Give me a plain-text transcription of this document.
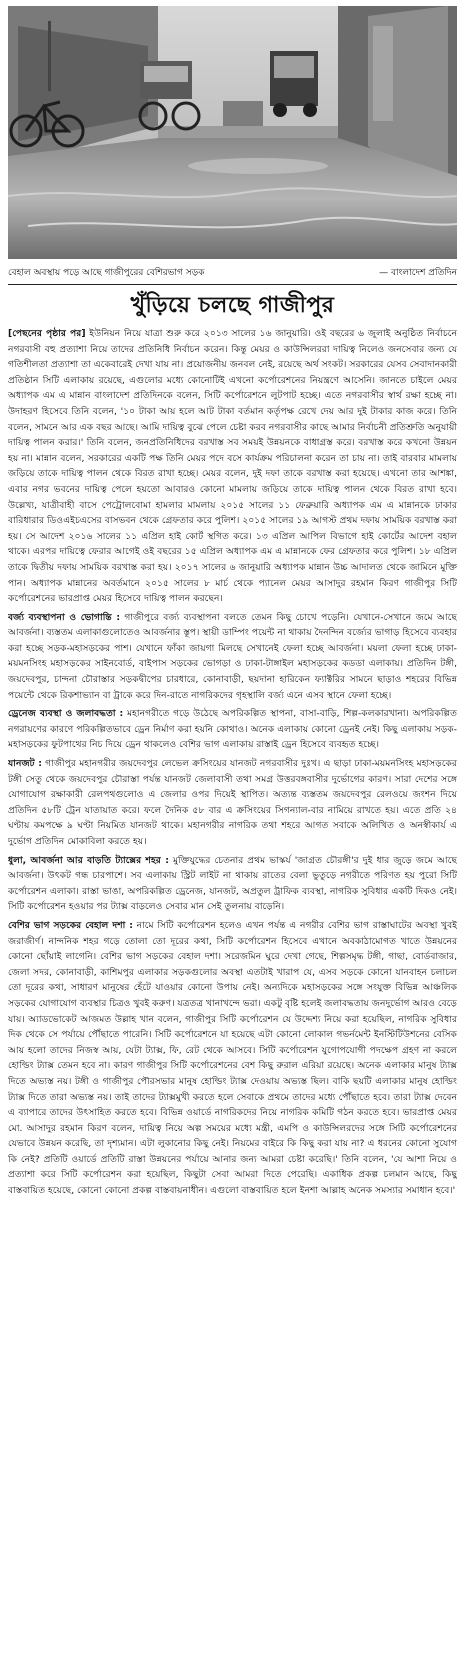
বেহাল অবস্থায় পড়ে আছে গাজীপুরের বেশিরভাগ সড়ক	— বাংলাদেশ প্রতিদিন
খুঁড়িয়ে চলছে গাজীপুর

[পেছনের পৃষ্ঠার পর] ইউনিয়ন নিয়ে যাত্রা শুরু করে ২০১৩ সালের ১৬ জানুয়ারি। ওই বছরের ৬ জুলাই অনুষ্ঠিত নির্বাচনে নগরবাসী বহু প্রত্যাশা নিয়ে তাদের প্রতিনিধি নির্বাচন করেন। কিন্তু মেয়র ও কাউন্সিলররা দায়িত্ব নিলেও জনসেবার জন্য যে গতিশীলতা প্রত্যাশা তা একেবারেই দেখা যায় না। প্রয়োজনীয় জনবল নেই, রয়েছে অর্থ সংকট। সরকারের যেসব সেবাদানকারী প্রতিষ্ঠান সিটি এলাকায় রয়েছে, এগুলোর মধ্যে কোনোটিই এখনো কর্পোরেশনের নিয়ন্ত্রণে আসেনি। জানতে চাইলে মেয়র অধ্যাপক এম এ মান্নান বাংলাদেশ প্রতিদিনকে বলেন, সিটি কর্পোরেশনে লুটপাট হচ্ছে। এতে নগরবাসীর স্বার্থ রক্ষা হচ্ছে না। উদাহরণ হিসেবে তিনি বলেন, '১০ টাকা আয় হলে আট টাকা বর্তমান কর্তৃপক্ষ রেখে দেয় আর দুই টাকার কাজ করে। তিনি বলেন, সামনে আর এক বছর আছে। আমি দায়িত্ব বুঝে পেলে চেষ্টা করব নগরবাসীর কাছে আমার নির্বাচনী প্রতিশ্রুতি অনুযায়ী দায়িত্ব পালন করার।' তিনি বলেন, জনপ্রতিনিধিদের বরখাস্ত সব সময়ই উন্নয়নকে বাধাগ্রস্ত করে। বরখাস্ত করে কখনো উন্নয়ন হয় না। মান্নান বলেন, সরকারের একটি পক্ষ তিনি মেয়র পদে বসে কার্যক্রম পরিচালনা করেন তা চায় না। তাই বারবার মামলায় জড়িয়ে তাকে দায়িত্ব পালন থেকে বিরত রাখা হচ্ছে। মেয়র বলেন, দুই দফা তাকে বরখাস্ত করা হয়েছে। এখনো তার আশঙ্কা, এবার নগর ভবনের দায়িত্ব পেলে হয়তো আবারও কোনো মামলায় জড়িয়ে তাকে দায়িত্ব পালন থেকে বিরত রাখা হবে। উল্লেখ্য, যাত্রীবাহী বাসে পেট্রোলবোমা হামলার মামলায় ২০১৫ সালের ১১ ফেব্রুয়ারি অধ্যাপক এম এ মান্নানকে ঢাকার বারিধারার ডিওএইচএসের বাসভবন থেকে গ্রেফতার করে পুলিশ। ২০১৫ সালের ১৯ আগস্ট প্রথম দফায় সাময়িক বরখাস্ত করা হয়। সে আদেশ ২০১৬ সালের ১১ এপ্রিল হাই কোর্ট স্থগিত করে। ১৩ এপ্রিল আপিল বিভাগে হাই কোর্টের আদেশ বহাল থাকে। এরপর দায়িত্বে ফেরার আগেই ওই বছরের ১৫ এপ্রিল অধ্যাপক এম এ মান্নানকে ফের গ্রেফতার করে পুলিশ। ১৮ এপ্রিল তাকে দ্বিতীয় দফায় সাময়িক বরখাস্ত করা হয়। ২০১৭ সালের ৬ জানুয়ারি অধ্যাপক মান্নান উচ্চ আদালত থেকে জামিনে মুক্তি পান। অধ্যাপক মান্নানের অবর্তমানে ২০১৫ সালের ৮ মার্চ থেকে প্যানেল মেয়র আসাদুর রহমান কিরণ গাজীপুর সিটি কর্পোরেশনের ভারপ্রাপ্ত মেয়র হিসেবে দায়িত্ব পালন করছেন।

বর্জ্য ব্যবস্থাপনা ও ভোগান্তি : গাজীপুরে বর্জ্য ব্যবস্থাপনা বলতে তেমন কিছু চোখে পড়েনি। যেখানে-সেখানে জমে আছে আবর্জনা। ব্যস্ততম এলাকাগুলোতেও আবর্জনার স্তূপ। স্থায়ী ডাম্পিং পয়েন্ট না থাকায় দৈনন্দিন বর্জ্যের ভাগাড় হিসেবে ব্যবহার করা হচ্ছে সড়ক-মহাসড়কের পাশ। যেখানে ফাঁকা জায়গা মিলছে সেখানেই ফেলা হচ্ছে আবর্জনা। ময়লা ফেলা হচ্ছে ঢাকা-ময়মনসিংহ মহাসড়কের সাইনবোর্ড, বাইপাস সড়কের ভোগড়া ও ঢাকা-টাঙ্গাইল মহাসড়কের কডডা এলাকায়। প্রতিদিন টঙ্গী, জয়দেবপুর, চান্দনা চৌরাস্তার সড়কদ্বীপের চারধারে, কোনাবাড়ী, ছয়দানা হারিকেন ফ্যাক্টরির সামনে ছাড়াও শহরের বিভিন্ন পয়েন্টে থেকে রিকশাভ্যান বা ট্রাকে করে দিন-রাতে নাগরিকদের গৃহস্থালি বর্জ্য এনে এসব স্থানে ফেলা হচ্ছে।

ড্রেনেজ ব্যবস্থা ও জলাবদ্ধতা : মহানগরীতে গড়ে উঠেছে অপরিকল্পিত স্থাপনা, বাসা-বাড়ি, শিল্প-কলকারখানা। অপরিকল্পিত নগরায়ণের কারণে পরিকল্পিতভাবে ড্রেন নির্মাণ করা হয়নি কোথাও। অনেক এলাকায় কোনো ড্রেনই নেই। কিছু এলাকায় সড়ক-মহাসড়কের ফুটপাথের নিচ দিয়ে ড্রেন থাকলেও বেশির ভাগ এলাকায় রাস্তাই ড্রেন হিসেবে ব্যবহৃত হচ্ছে।

যানজট : গাজীপুর মহানগরীর জয়দেবপুর লেভেল ক্রসিংয়ের যানজট নগরবাসীর দুঃখ। এ ছাড়া ঢাকা-ময়মনসিংহ মহাসড়কের টঙ্গী সেতু থেকে জয়দেবপুর চৌরাস্তা পর্যন্ত যানজট জেলাবাসী তথা সমগ্র উত্তরবঙ্গবাসীর দুর্ভোগের কারণ। সারা দেশের সঙ্গে যোগাযোগ রক্ষাকারী রেলপথগুলোও এ জেলার ওপর দিয়েই স্থাপিত। অত্যন্ত ব্যস্ততম জয়দেবপুর রেলওয়ে জংশন দিয়ে প্রতিদিন ৫৮টি ট্রেন যাতায়াত করে। ফলে দৈনিক ৫৮ বার এ ক্রসিংয়ের সিগন্যাল-বার নামিয়ে রাখতে হয়। এতে প্রতি ২৪ ঘণ্টায় কমপক্ষে ৯ ঘণ্টা নিয়মিত যানজট থাকে। মহানগরীর নাগরিক তথা শহরে আগত সবাকে অলিখিত ও অনস্বীকার্য এ দুর্ভোগ প্রতিদিন মোকাবিলা করতে হয়।

ধুলা, আবর্জনা আর বাড়তি ট্যাক্সের শহর : মুক্তিযুদ্ধের চেতনার প্রথম ভাস্কর্য 'জাগ্রত চৌরঙ্গী'র দুই ধার জুড়ে জমে আছে আবর্জনা। উৎকট গন্ধ চারপাশে। সব এলাকায় স্ট্রিট লাইট না থাকায় রাতের বেলা ভুতুড়ে নগরীতে পরিণত হয় পুরো সিটি কর্পোরেশন এলাকা। রাস্তা ভাঙা, অপরিকল্পিত ড্রেনেজ, যানজট, অপ্রতুল ট্রাফিক ব্যবস্থা, নাগরিক সুবিধার একটি দিকও নেই। সিটি কর্পোরেশন হওয়ার পর ট্যাক্স বাড়লেও সেবার মান সেই তুলনায় বাড়েনি।

বেশির ভাগ সড়কের বেহাল দশা : নামে সিটি কর্পোরেশন হলেও এখন পর্যন্ত এ নগরীর বেশির ভাগ রাস্তাঘাটের অবস্থা খুবই জরাজীর্ণ। নান্দনিক শহর গড়ে তোলা তো দূরের কথা, সিটি কর্পোরেশন হিসেবে এখানে অবকাঠামোগত খাতে উন্নয়নের কোনো ছোঁয়াই লাগেনি। বেশির ভাগ সড়কের বেহাল দশা। সরেজমিন ঘুরে দেখা গেছে, শিল্পসমৃদ্ধ টঙ্গী, গাছা, বোর্ডবাজার, জেলা সদর, কোনাবাড়ী, কাশিমপুর এলাকার সড়কগুলোর অবস্থা এতটাই খারাপ যে, এসব সড়কে কোনো যানবাহন চলাচল তো দূরের কথা, সাধারণ মানুষের হেঁটে যাওয়ার কোনো উপায় নেই। অন্যদিকে মহাসড়কের সঙ্গে সংযুক্ত বিভিন্ন আঞ্চলিক সড়কের যোগাযোগ ব্যবস্থার চিত্রও খুবই করুণ। যত্রতত্র খানাখন্দে ভরা। একটু বৃষ্টি হলেই জলাবদ্ধতায় জনদুর্ভোগ আরও বেড়ে যায়। অ্যাডভোকেট আজমত উল্লাহ খান বলেন, গাজীপুর সিটি কর্পোরেশন যে উদ্দেশ্য নিয়ে করা হয়েছিল, নাগরিক সুবিধার দিক থেকে সে পর্যায়ে পৌঁছাতে পারেনি। সিটি কর্পোরেশনে যা হয়েছে এটা কোনো লোকাল গভর্নমেন্ট ইনস্টিটিউশনের বেসিক আয় হলো তাদের নিজস্ব আয়, যেটা ট্যাক্স, ফি, রেট থেকে আসবে। সিটি কর্পোরেশন যুগোপযোগী পদক্ষেপ গ্রহণ না করলে হোল্ডিং ট্যাক্স তেমন হবে না। কারণ গাজীপুর সিটি কর্পোরেশনের বেশ কিছু রুরাল এরিয়া রয়েছে। অনেক এলাকার মানুষ ট্যাক্স দিতে অভ্যস্ত নয়। টঙ্গী ও গাজীপুর পৌরসভার মানুষ হোল্ডিং ট্যাক্স দেওয়ায় অভ্যস্ত ছিল। বাকি ছয়টি এলাকার মানুষ হোল্ডিং ট্যাক্স দিতে তারা অভ্যস্ত নয়। তাই তাদের ট্যাক্সমুখী করতে হলে সেবাকে প্রথমে তাদের মধ্যে পৌঁছাতে হবে। তারা ট্যাক্স দেবেন এ ব্যাপারে তাদের উৎসাহিত করতে হবে। বিভিন্ন ওয়ার্ডে নাগরিকদের নিয়ে নাগরিক কমিটি গঠন করতে হবে। ভারপ্রাপ্ত মেয়র মো. আসাদুর রহমান কিরণ বলেন, দায়িত্ব নিয়ে অল্প সময়ের মধ্যে মন্ত্রী, এমপি ও কাউন্সিলরদের সঙ্গে সিটি কর্পোরেশনের যেভাবে উন্নয়ন করেছি, তা দৃশ্যমান। এটা লুকানোর কিছু নেই। নিয়মের বাইরে কি কিছু করা যায় না? এ ধরনের কোনো সুযোগ কি নেই? প্রতিটি ওয়ার্ডে প্রতিটি রাস্তা উন্নয়নের পর্যায়ে আনার জন্য আমরা চেষ্টা করেছি।' তিনি বলেন, 'যে আশা নিয়ে ও প্রত্যাশা করে সিটি কর্পোরেশন করা হয়েছিল, কিছুটা সেবা আমরা দিতে পেরেছি। একাধিক প্রকল্প চলমান আছে, কিছু বাস্তবায়িত হয়েছে, কোনো কোনো প্রকল্প বাস্তবায়নাধীন। এগুলো বাস্তবায়িত হলে ইনশা আল্লাহ অনেক সমস্যার সমাধান হবে।'
